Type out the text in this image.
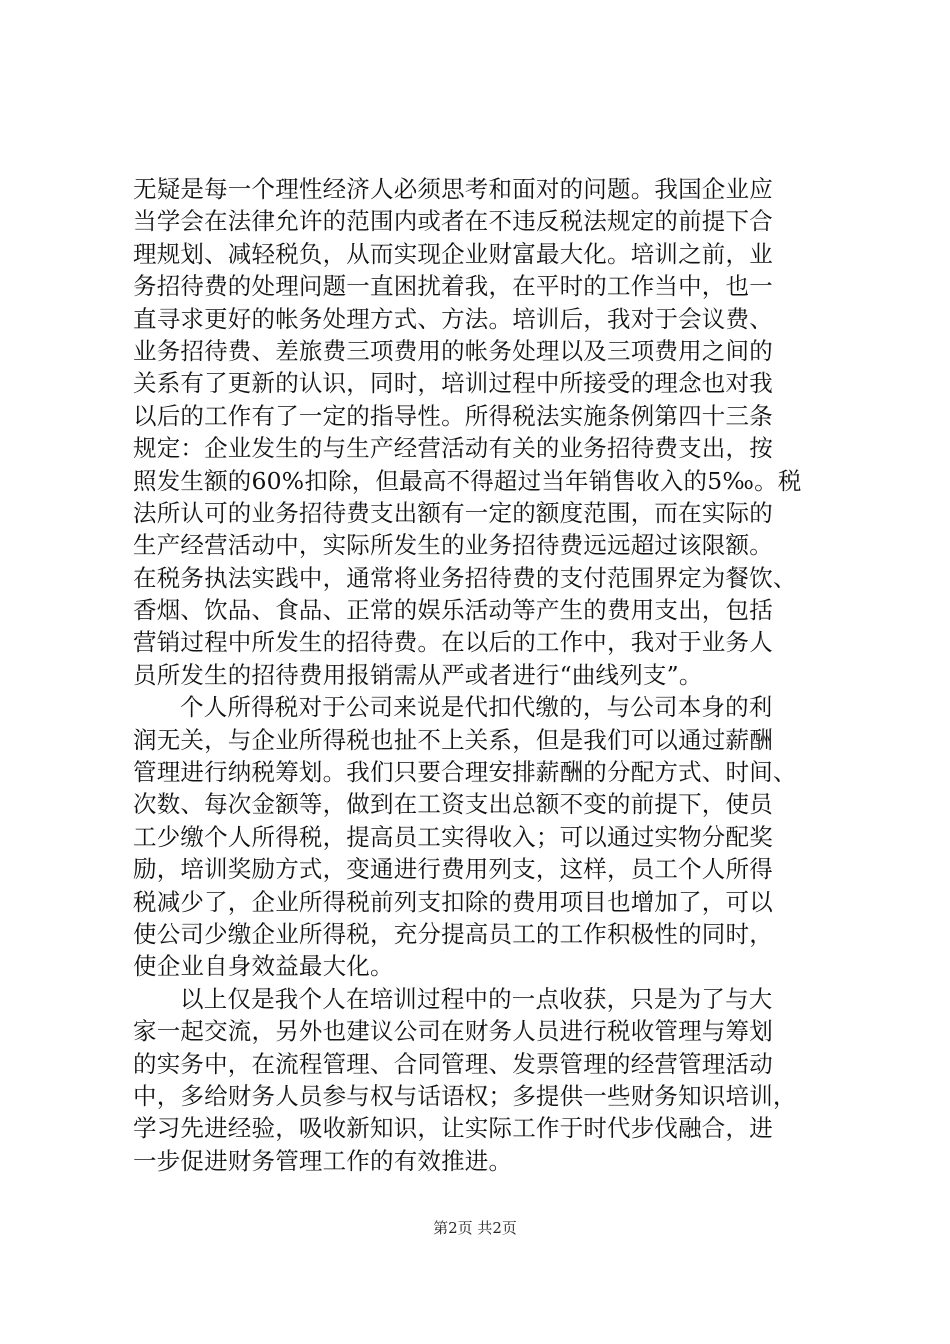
无疑是每一个理性经济人必须思考和面对的问题。我国企业应
当学会在法律允许的范围内或者在不违反税法规定的前提下合
理规划、减轻税负，从而实现企业财富最大化。培训之前，业
务招待费的处理问题一直困扰着我，在平时的工作当中，也一
直寻求更好的帐务处理方式、方法。培训后，我对于会议费、
业务招待费、差旅费三项费用的帐务处理以及三项费用之间的
关系有了更新的认识，同时，培训过程中所接受的理念也对我
以后的工作有了一定的指导性。所得税法实施条例第四十三条
规定：企业发生的与生产经营活动有关的业务招待费支出，按
照发生额的60%扣除，但最高不得超过当年销售收入的5‰。税
法所认可的业务招待费支出额有一定的额度范围，而在实际的
生产经营活动中，实际所发生的业务招待费远远超过该限额。
在税务执法实践中，通常将业务招待费的支付范围界定为餐饮、
香烟、饮品、食品、正常的娱乐活动等产生的费用支出，包括
营销过程中所发生的招待费。在以后的工作中，我对于业务人
员所发生的招待费用报销需从严或者进行“曲线列支”。
个人所得税对于公司来说是代扣代缴的，与公司本身的利
润无关，与企业所得税也扯不上关系，但是我们可以通过薪酬
管理进行纳税筹划。我们只要合理安排薪酬的分配方式、时间、
次数、每次金额等，做到在工资支出总额不变的前提下，使员
工少缴个人所得税，提高员工实得收入；可以通过实物分配奖
励，培训奖励方式，变通进行费用列支，这样，员工个人所得
税减少了，企业所得税前列支扣除的费用项目也增加了，可以
使公司少缴企业所得税，充分提高员工的工作积极性的同时，
使企业自身效益最大化。
以上仅是我个人在培训过程中的一点收获，只是为了与大
家一起交流，另外也建议公司在财务人员进行税收管理与筹划
的实务中，在流程管理、合同管理、发票管理的经营管理活动
中，多给财务人员参与权与话语权；多提供一些财务知识培训，
学习先进经验，吸收新知识，让实际工作于时代步伐融合，进
一步促进财务管理工作的有效推进。
第2页 共2页
